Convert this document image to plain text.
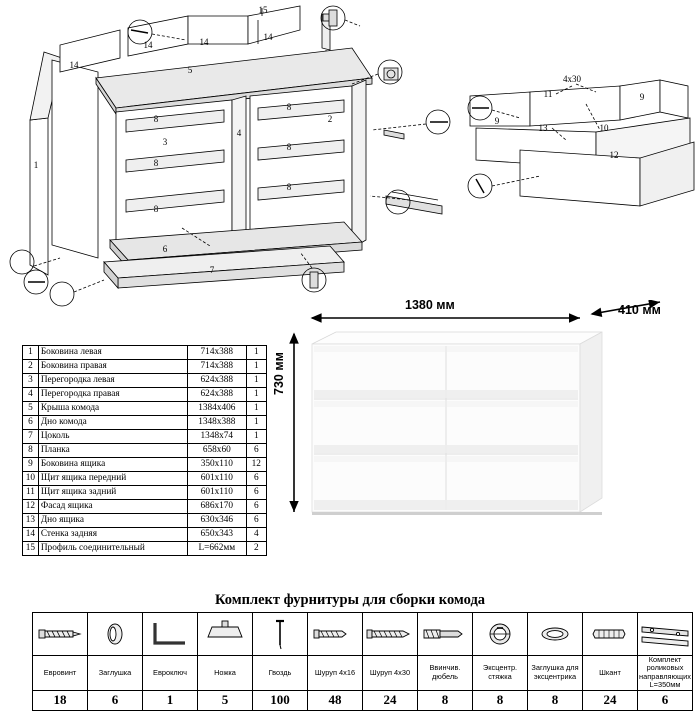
1
2
3
4
5
6
7
8
8
8
8
8
8
9
9
10
11
12
13
14
14	14	14
15
4x30
1	Боковина левая	714x388	1
2	Боковина правая	714x388	1
3	Перегородка левая	624x388	1
4	Перегородка правая	624x388	1
5	Крыша комода	1384x406	1
6	Дно комода	1348x388	1
7	Цоколь	1348x74	1
8	Планка	658x60	6
9	Боковина ящика	350x110	12
10	Щит ящика передний	601x110	6
11	Щит ящика задний	601x110	6
12	Фасад ящика	686x170	6
13	Дно ящика	630x346	6
14	Стенка задняя	650x343	4
15	Профиль соединительный	L=662мм	2
1380 мм	410 мм
730 мм
Комплект фурнитуры для сборки комода

Евровинт	Заглушка	Евроключ	Ножка	Гвоздь	Шуруп 4x16	Шуруп 4x30	Ввинчив. дюбель	Эксцентр. стяжка	Заглушка для эксцентрика	Шкант	Комплект роликовых направляющих L=350мм
18	6	1	5	100	48	24	8	8	8	24	6
